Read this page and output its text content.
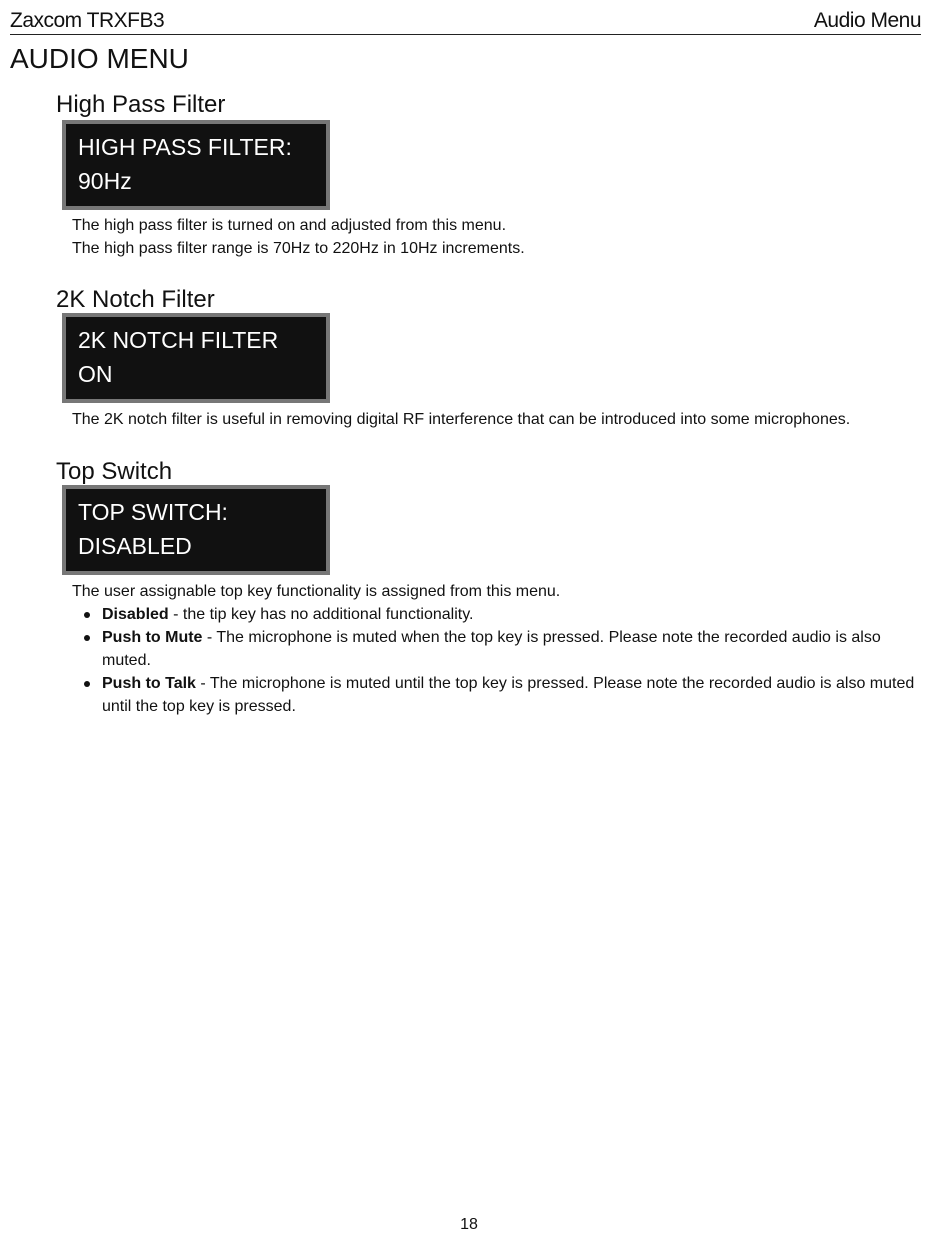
Zaxcom TRXFB3	Audio Menu
AUDIO MENU
High Pass Filter
HIGH PASS FILTER:
90Hz

The high pass filter is turned on and adjusted from this menu.

The high pass filter range is 70Hz to 220Hz in 10Hz increments.

2K Notch Filter
2K NOTCH FILTER
ON

The 2K notch filter is useful in removing digital RF interference that can be introduced into some microphones.

Top Switch
TOP SWITCH:
DISABLED

The user assignable top key functionality is assigned from this menu.

Disabled - the tip key has no additional functionality.
Push to Mute - The microphone is muted when the top key is pressed. Please note the recorded audio is also muted.
Push to Talk - The microphone is muted until the top key is pressed. Please note the recorded audio is also muted until the top key is pressed.
18
